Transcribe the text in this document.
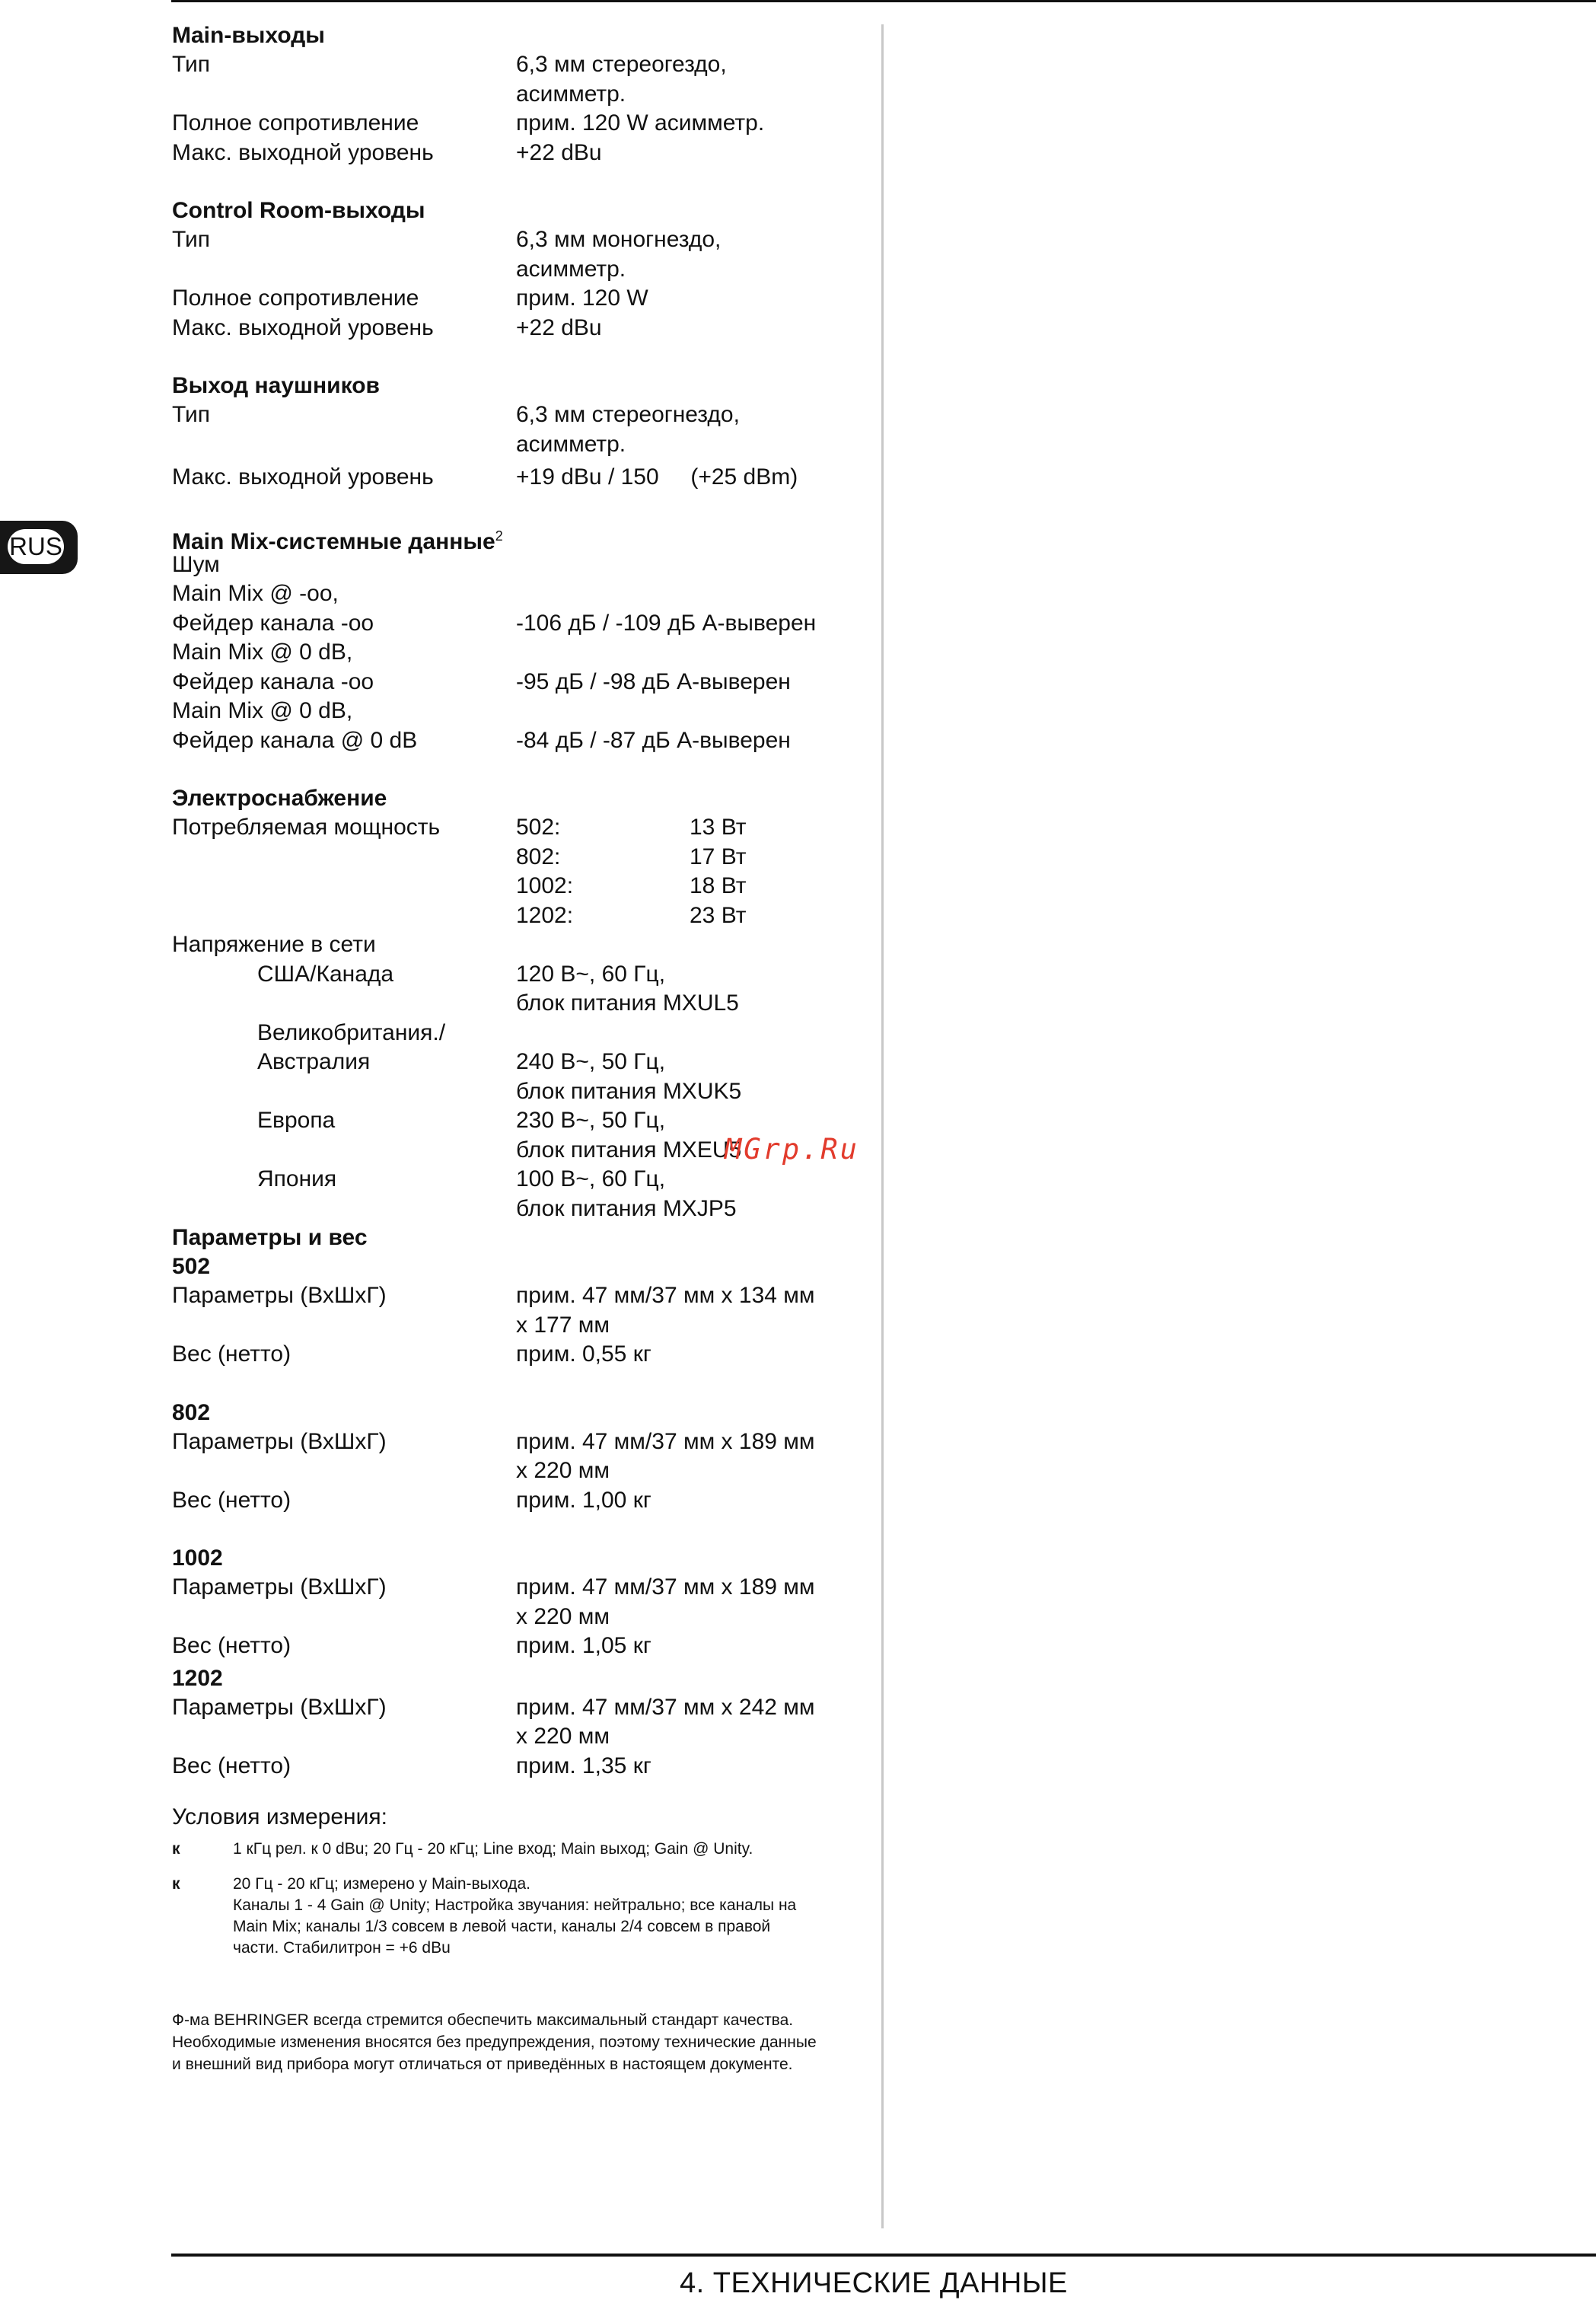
RUS
Main-выходы
Тип	6,3 мм стереогездо,
асимметр.
Полное сопротивление	прим. 120 W асимметр.
Макс. выходной уровень	+22 dBu
Control Room-выходы
Тип	6,3 мм моногнездо,
асимметр.
Полное сопротивление	прим. 120 W
Макс. выходной уровень	+22 dBu
Выход наушников
Тип	6,3 мм стереогнездо,
асимметр.
Макс. выходной уровень	+19 dBu / 150     (+25 dBm)
Main Mix-системные данные$^2$
Шум
Main Mix @ -oo,
Фейдер канала -oo	-106 дБ / -109 дБ А-выверен
Main Mix @ 0 dB,
Фейдер канала -oo	-95 дБ / -98 дБ А-выверен
Main Mix @ 0 dB,
Фейдер канала @ 0 dB	-84 дБ / -87 дБ А-выверен
Электроснабжение
Потребляемая мощность	502:	13 Вт
802:	17 Вт
1002:	18 Вт
1202:	23 Вт
Напряжение в сети
США/Канада	120 В~, 60 Гц,
блок питания MXUL5
Великобритания./
Австралия	240 В~, 50 Гц,
блок питания MXUK5
Европа	230 В~, 50 Гц,
блок питания MXEU5
Япония	100 В~, 60 Гц,
блок питания MXJP5
Параметры и вес
502
Параметры (ВхШхГ)	прим. 47 мм/37 мм x 134 мм
x 177 мм
Вес (нетто)	прим. 0,55 кг
802
Параметры (ВхШхГ)	прим. 47 мм/37 мм x 189 мм
x 220 мм
Вес (нетто)	прим. 1,00 кг
1002
Параметры (ВхШхГ)	прим. 47 мм/37 мм x 189 мм
x 220 мм
Вес (нетто)	прим. 1,05 кг
1202
Параметры (ВхШхГ)	прим. 47 мм/37 мм x 242 мм
x 220 мм
Вес (нетто)	прим. 1,35 кг
Условия измерения:
к	1 кГц рел. к 0 dBu; 20 Гц - 20 кГц; Line вход; Main выход; Gain @ Unity.
к	20 Гц - 20 кГц; измерено у Main-выхода.
Каналы 1 - 4 Gain @ Unity; Настройка звучания: нейтрально; все каналы на
Main Mix; каналы 1/3 совсем в левой части, каналы 2/4 совсем в правой
части. Стабилитрон = +6 dBu
Ф-ма BEHRINGER всегда стремится обеспечить максимальный стандарт качества.
Необходимые изменения вносятся без предупреждения, поэтому технические данные
и внешний вид прибора могут отличаться от приведённых в настоящем документе.
MGrp.Ru
4. ТЕХНИЧЕСКИЕ ДАННЫЕ
